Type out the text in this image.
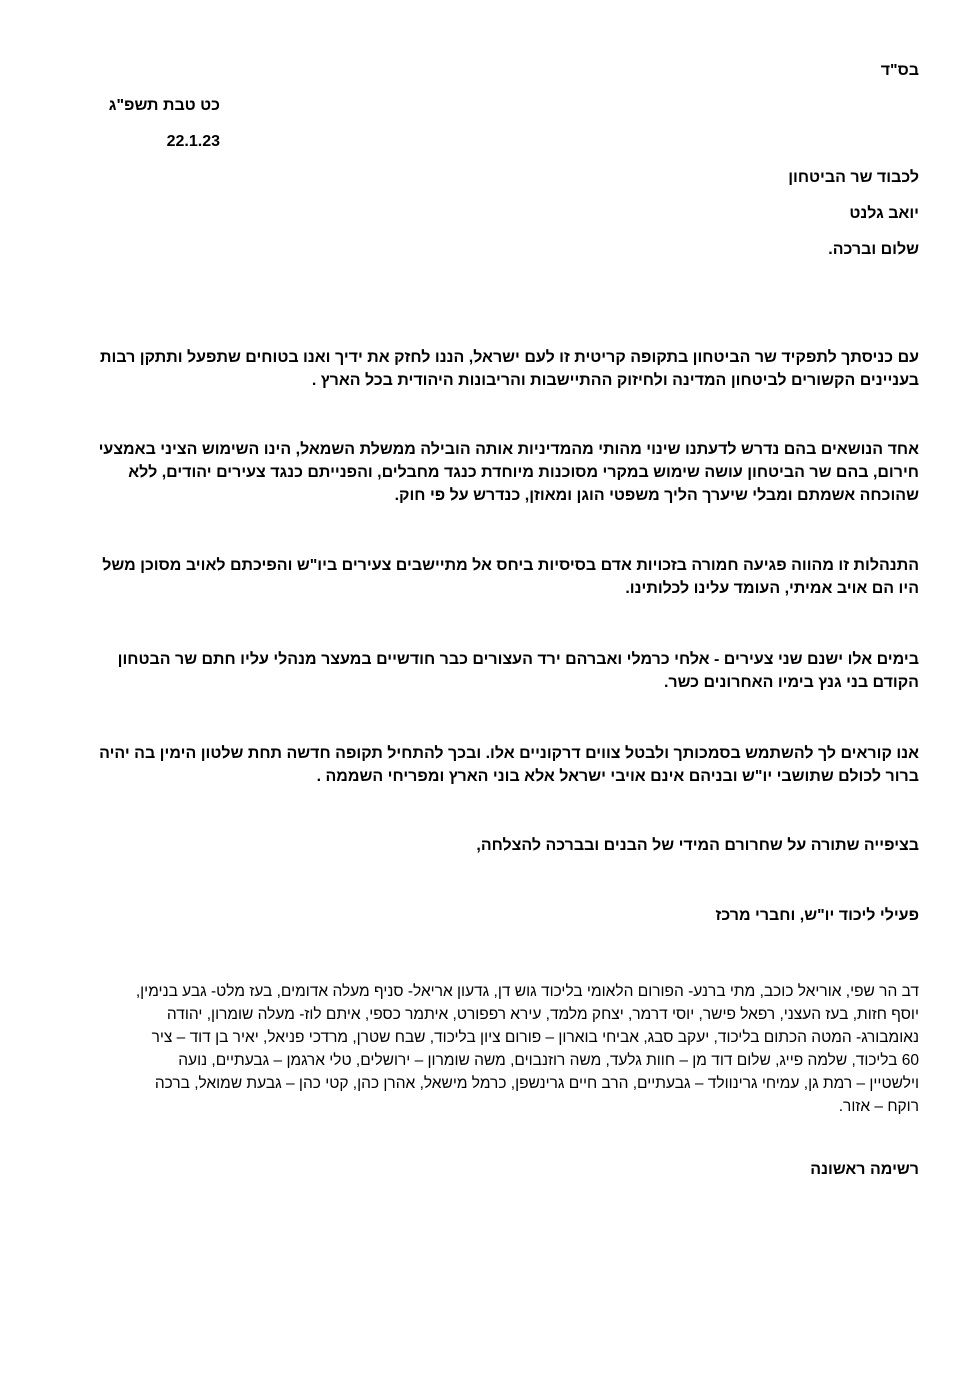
בס"ד

כט טבת תשפ"ג

22.1.23

לכבוד שר הביטחון

יואב גלנט

שלום וברכה.

עם כניסתך לתפקיד שר הביטחון בתקופה קריטית זו לעם ישראל, הננו לחזק את ידיך ואנו בטוחים שתפעל ותתקן רבות
בעניינים הקשורים לביטחון המדינה ולחיזוק ההתיישבות והריבונות היהודית בכל הארץ .
אחד הנושאים בהם נדרש לדעתנו שינוי מהותי מהמדיניות אותה הובילה ממשלת השמאל, הינו השימוש הציני באמצעי
חירום, בהם שר הביטחון עושה שימוש במקרי מסוכנות מיוחדת כנגד מחבלים, והפנייתם כנגד צעירים יהודים, ללא
שהוכחה אשמתם ומבלי שיערך הליך משפטי הוגן ומאוזן, כנדרש על פי חוק.
התנהלות זו מהווה פגיעה חמורה בזכויות אדם בסיסיות ביחס אל מתיישבים צעירים ביו"ש והפיכתם לאויב מסוכן משל
היו הם אויב אמיתי, העומד עלינו לכלותינו.
בימים אלו ישנם שני צעירים - אלחי כרמלי ואברהם ירד העצורים כבר חודשיים במעצר מנהלי עליו חתם שר הבטחון
הקודם בני גנץ בימיו האחרונים כשר.
אנו קוראים לך להשתמש בסמכותך ולבטל צווים דרקוניים אלו. ובכך להתחיל תקופה חדשה תחת שלטון הימין בה יהיה
ברור לכולם שתושבי יו"ש ובניהם אינם אויבי ישראל אלא בוני הארץ ומפריחי השממה .

בציפייה שתורה על שחרורם המידי של הבנים ובברכה להצלחה,

פעילי ליכוד יו"ש, וחברי מרכז

דב הר שפי, אוריאל כוכב, מתי ברנע- הפורום הלאומי בליכוד גוש דן, גדעון אריאל- סניף מעלה אדומים, בעז מלט- גבע בנימין,
יוסף חזות, בעז העצני, רפאל פישר, יוסי דרמר, יצחק מלמד, עירא רפפורט, איתמר כספי, איתם לוז- מעלה שומרון, יהודה
נאומבורג- המטה הכתום בליכוד, יעקב סבג, אביחי בוארון – פורום ציון בליכוד, שבח שטרן, מרדכי פניאל, יאיר בן דוד – ציר
60 בליכוד, שלמה פייג, שלום דוד מן – חוות גלעד, משה רוזנבוים, משה שומרון – ירושלים, טלי ארגמן – גבעתיים, נועה
וילשטיין – רמת גן, עמיחי גרינוולד – גבעתיים, הרב חיים גרינשפן, כרמל מישאל, אהרן כהן, קטי כהן – גבעת שמואל, ברכה
רוקח – אזור.

רשימה ראשונה
